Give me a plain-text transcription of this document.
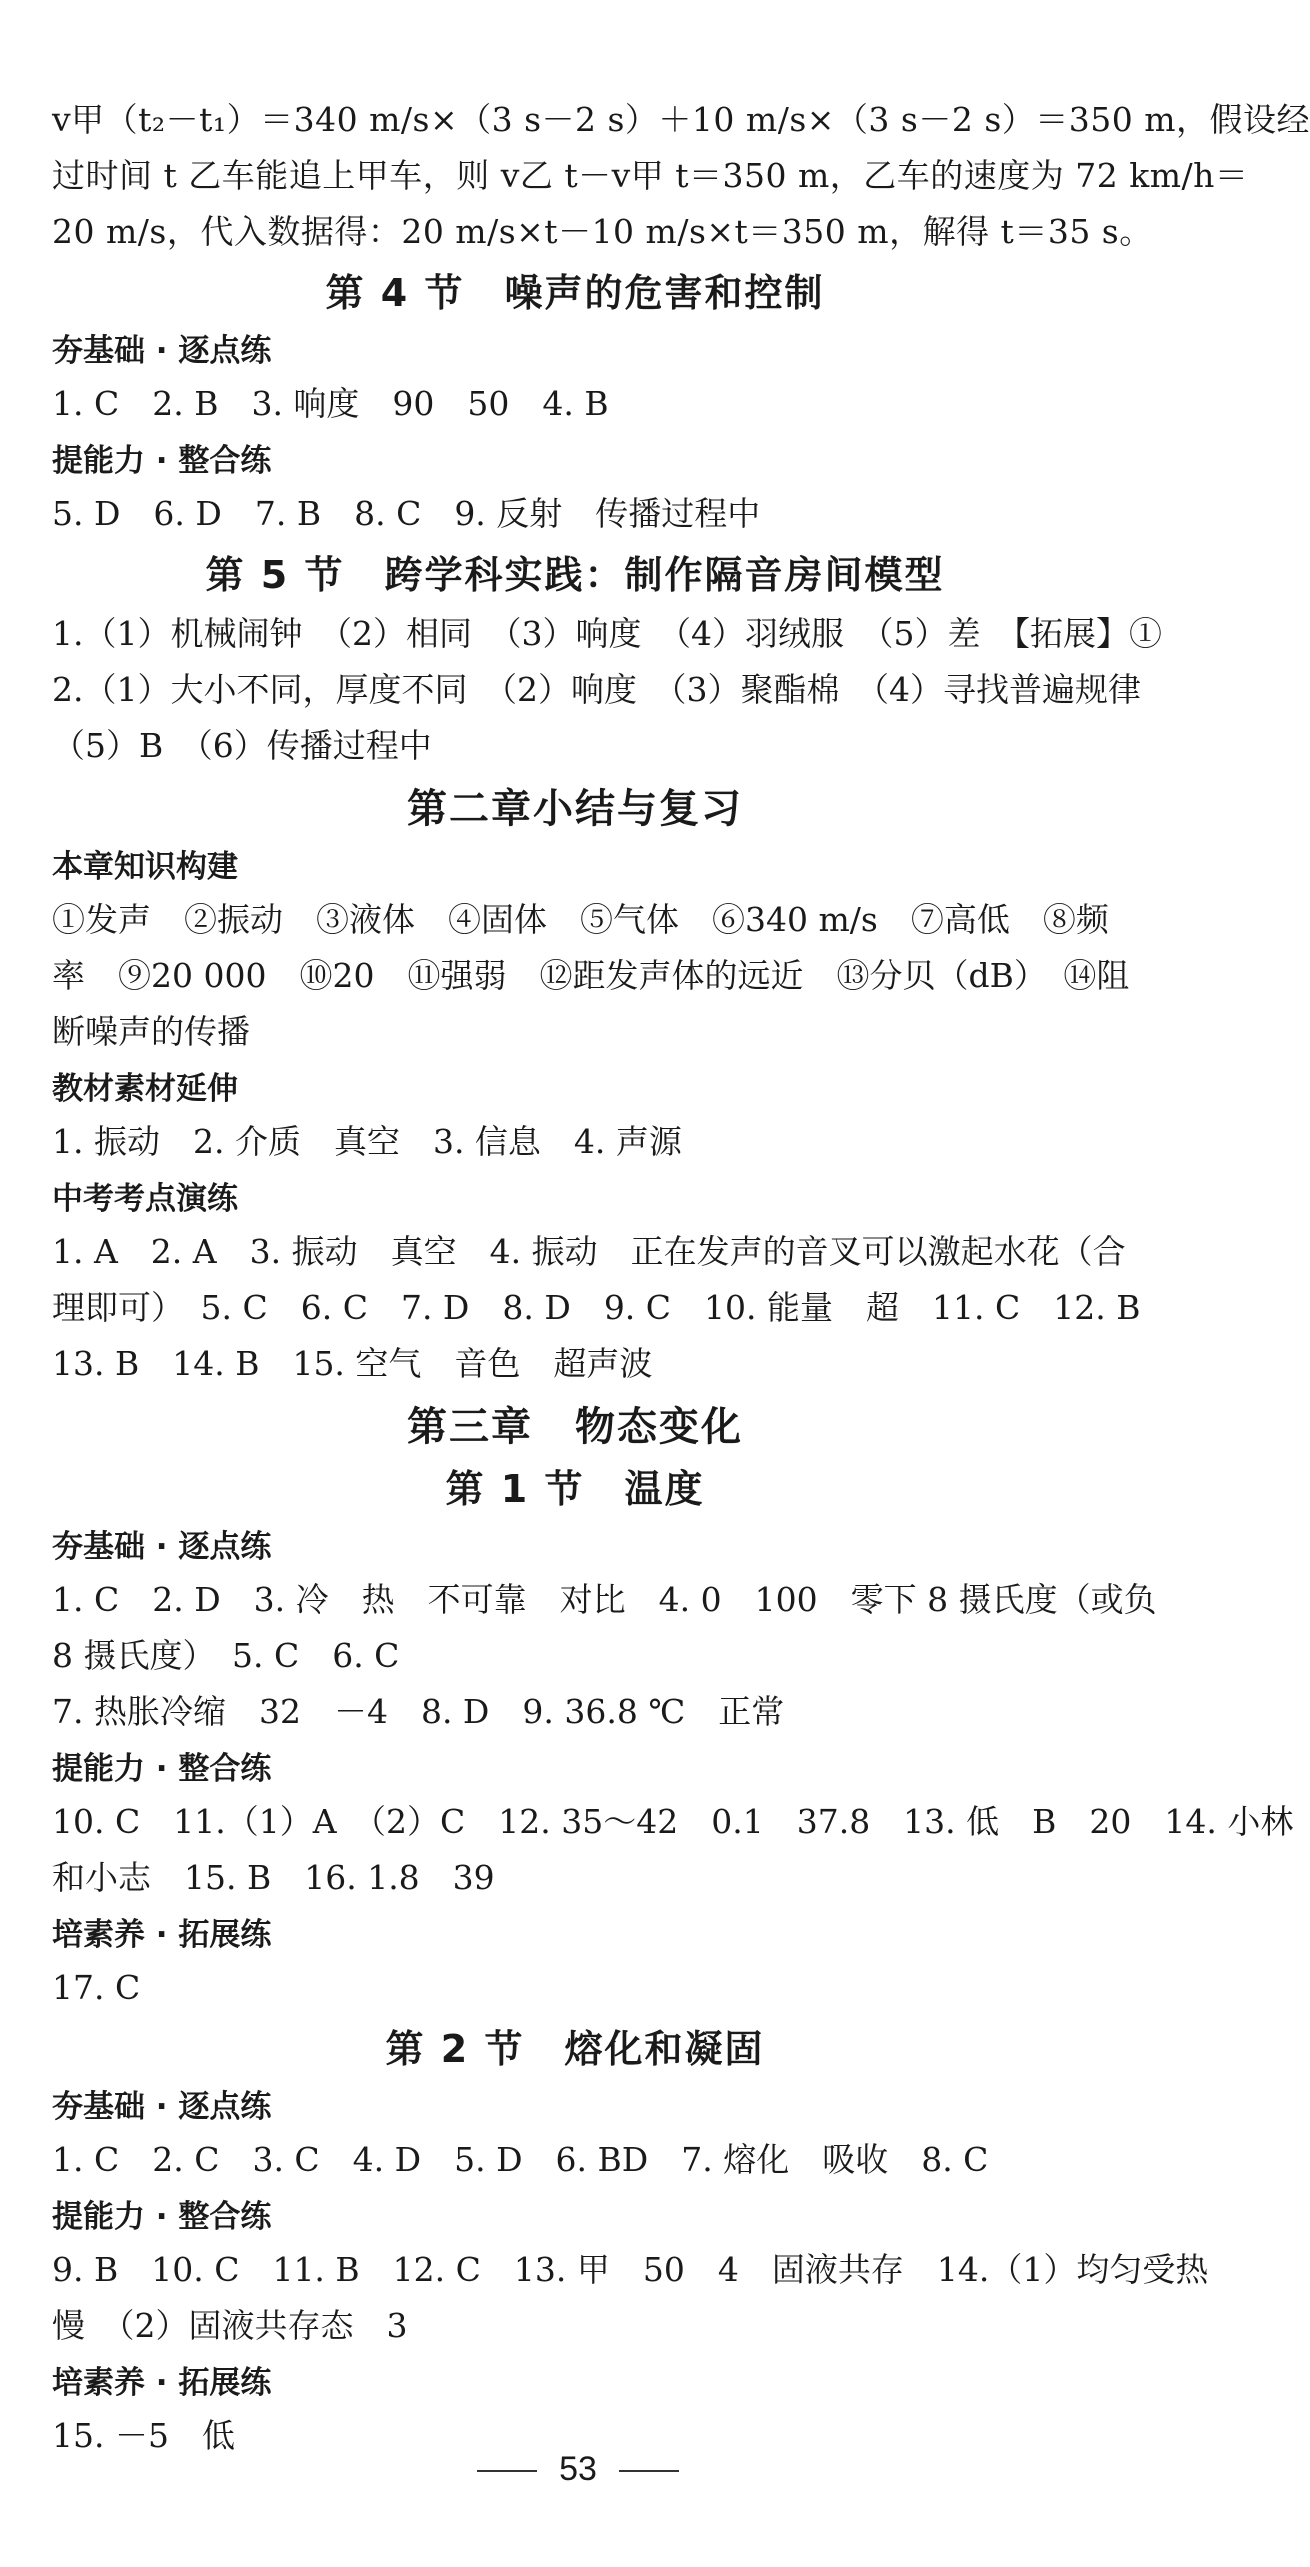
v甲（t₂－t₁）＝340 m/s×（3 s－2 s）＋10 m/s×（3 s－2 s）＝350 m，假设经
过时间 t 乙车能追上甲车，则 v乙 t－v甲 t＝350 m，乙车的速度为 72 km/h＝
20 m/s，代入数据得：20 m/s×t－10 m/s×t＝350 m，解得 t＝35 s。
第 4 节　噪声的危害和控制
夯基础 · 逐点练
1. C　2. B　3. 响度　90　50　4. B
提能力 · 整合练
5. D　6. D　7. B　8. C　9. 反射　传播过程中
第 5 节　跨学科实践：制作隔音房间模型
1.（1）机械闹钟　（2）相同　（3）响度　（4）羽绒服　（5）差　【拓展】①
2.（1）大小不同，厚度不同　（2）响度　（3）聚酯棉　（4）寻找普遍规律
（5）B　（6）传播过程中
第二章小结与复习
本章知识构建
①发声　②振动　③液体　④固体　⑤气体　⑥340 m/s　⑦高低　⑧频
率　⑨20 000　⑩20　⑪强弱　⑫距发声体的远近　⑬分贝（dB）　⑭阻
断噪声的传播
教材素材延伸
1. 振动　2. 介质　真空　3. 信息　4. 声源
中考考点演练
1. A　2. A　3. 振动　真空　4. 振动　正在发声的音叉可以激起水花（合
理即可）　5. C　6. C　7. D　8. D　9. C　10. 能量　超　11. C　12. B
13. B　14. B　15. 空气　音色　超声波
第三章　物态变化
第 1 节　温度
夯基础 · 逐点练
1. C　2. D　3. 冷　热　不可靠　对比　4. 0　100　零下 8 摄氏度（或负
8 摄氏度）　5. C　6. C
7. 热胀冷缩　32　－4　8. D　9. 36.8 ℃　正常
提能力 · 整合练
10. C　11.（1）A　（2）C　12. 35～42　0.1　37.8　13. 低　B　20　14. 小林
和小志　15. B　16. 1.8　39
培素养 · 拓展练
17. C
第 2 节　熔化和凝固
夯基础 · 逐点练
1. C　2. C　3. C　4. D　5. D　6. BD　7. 熔化　吸收　8. C
提能力 · 整合练
9. B　10. C　11. B　12. C　13. 甲　50　4　固液共存　14.（1）均匀受热
慢　（2）固液共存态　3
培素养 · 拓展练
15. －5　低
53
